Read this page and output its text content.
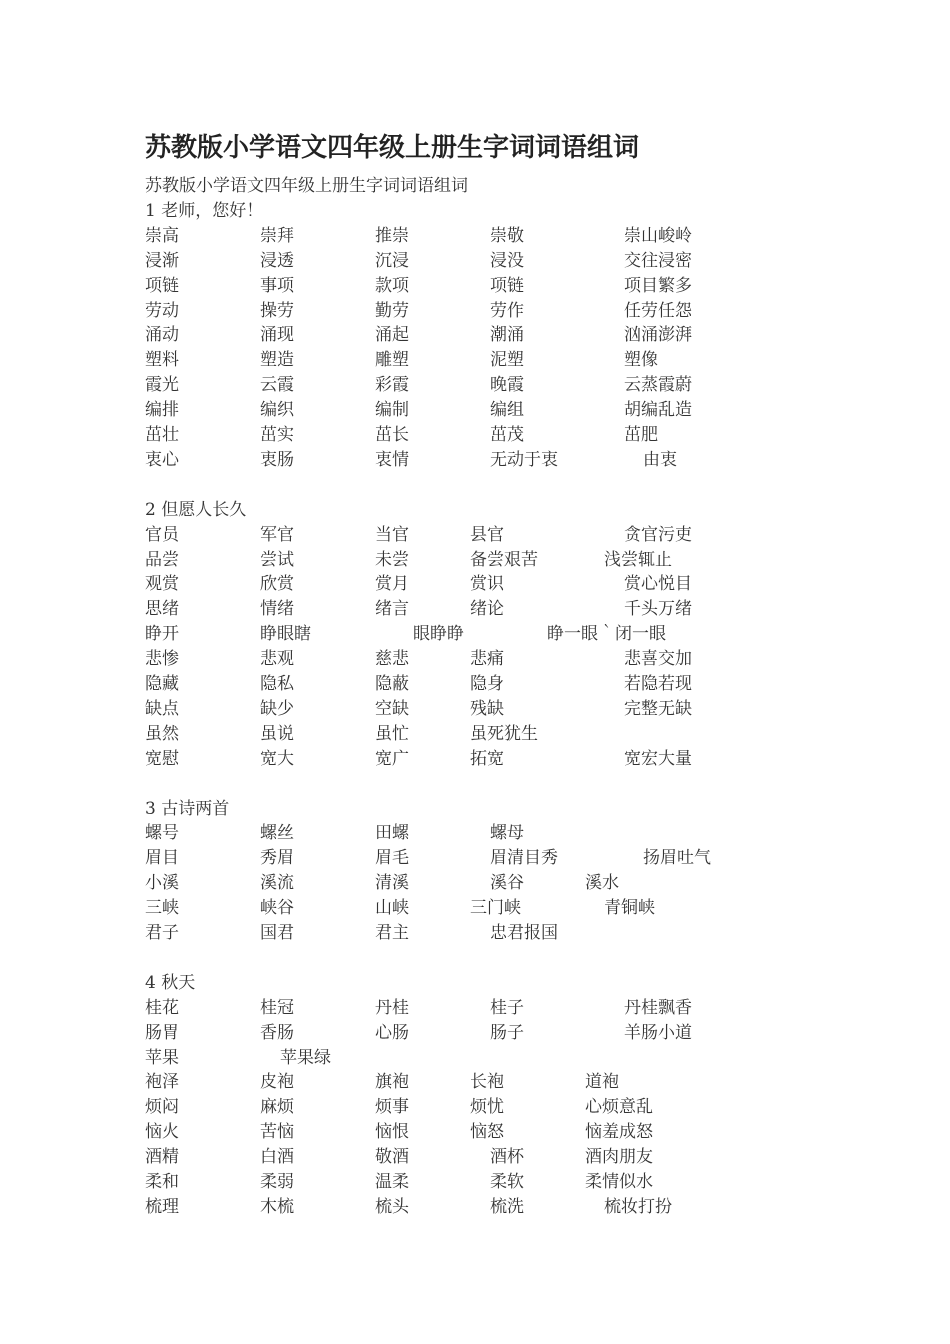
苏教版小学语文四年级上册生字词词语组词
苏教版小学语文四年级上册生字词词语组词
1 老师，您好！
崇高	崇拜	推崇	崇敬	崇山峻岭
浸渐	浸透	沉浸	浸没	交往浸密
项链	事项	款项	项链	项目繁多
劳动	操劳	勤劳	劳作	任劳任怨
涌动	涌现	涌起	潮涌	汹涌澎湃
塑料	塑造	雕塑	泥塑	塑像
霞光	云霞	彩霞	晚霞	云蒸霞蔚
编排	编织	编制	编组	胡编乱造
茁壮	茁实	茁长	茁茂	茁肥
衷心	衷肠	衷情	无动于衷	由衷
2 但愿人长久
官员	军官	当官	县官	贪官污吏
品尝	尝试	未尝	备尝艰苦	浅尝辄止
观赏	欣赏	赏月	赏识	赏心悦目
思绪	情绪	绪言	绪论	千头万绪
睁开	睁眼瞎	眼睁睁	睁一眼｀闭一眼
悲惨	悲观	慈悲	悲痛	悲喜交加
隐藏	隐私	隐蔽	隐身	若隐若现
缺点	缺少	空缺	残缺	完整无缺
虽然	虽说	虽忙	虽死犹生
宽慰	宽大	宽广	拓宽	宽宏大量
3 古诗两首
螺号	螺丝	田螺	螺母
眉目	秀眉	眉毛	眉清目秀	扬眉吐气
小溪	溪流	清溪	溪谷	溪水
三峡	峡谷	山峡	三门峡	青铜峡
君子	国君	君主	忠君报国
4 秋天
桂花	桂冠	丹桂	桂子	丹桂飘香
肠胃	香肠	心肠	肠子	羊肠小道
苹果	苹果绿
袍泽	皮袍	旗袍	长袍	道袍
烦闷	麻烦	烦事	烦忧	心烦意乱
恼火	苦恼	恼恨	恼怒	恼羞成怒
酒精	白酒	敬酒	酒杯	酒肉朋友
柔和	柔弱	温柔	柔软	柔情似水
梳理	木梳	梳头	梳洗	梳妆打扮
